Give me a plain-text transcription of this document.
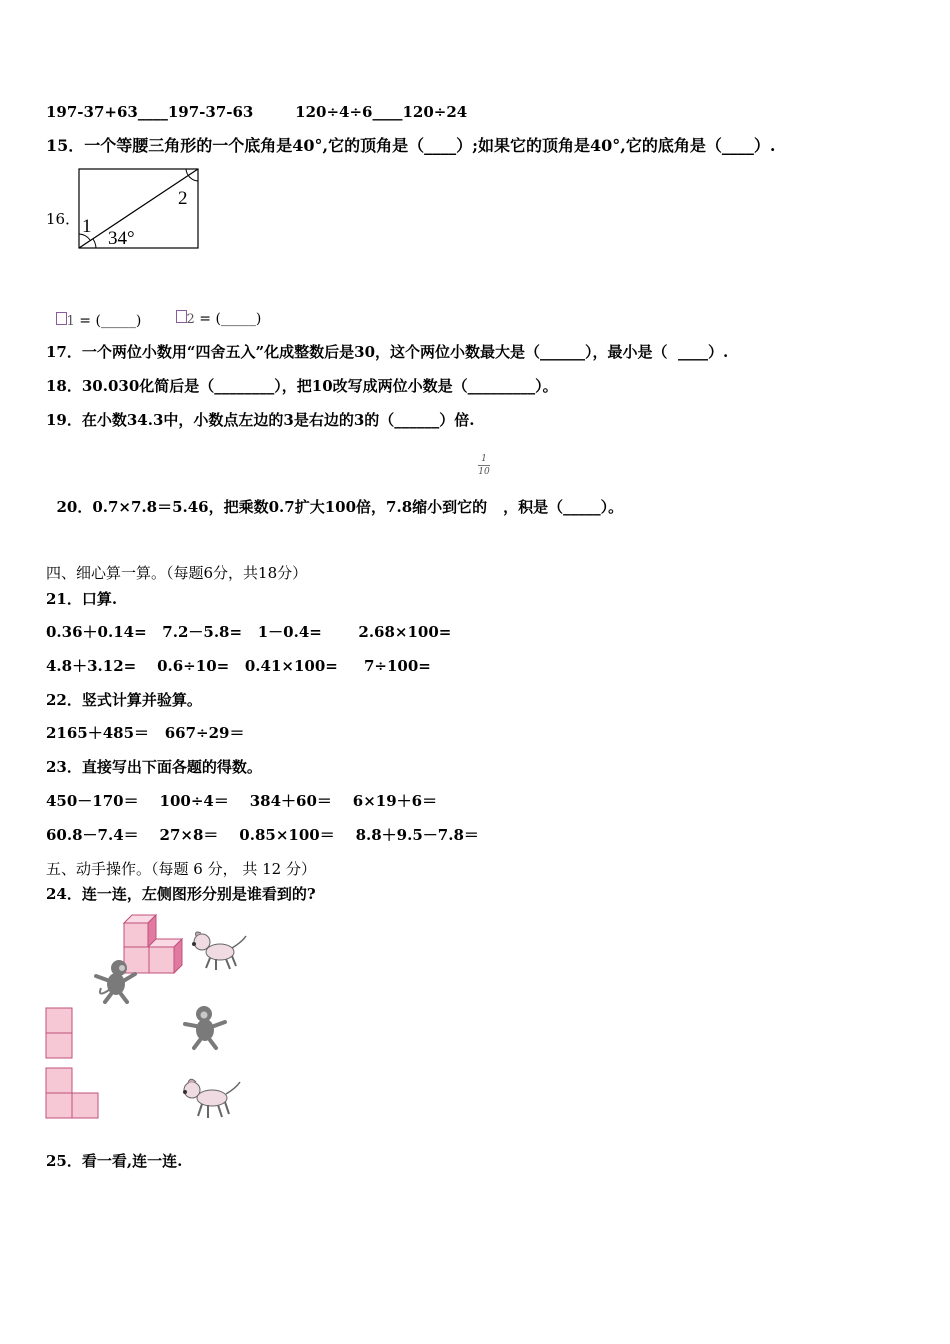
197-37+63____197-37-63        120÷4÷6____120÷24
15．一个等腰三角形的一个底角是40°,它的顶角是（____）;如果它的顶角是40°,它的底角是（____）.
16． 1
2
34°

1 = (_____)	2 = (_____)

17．一个两位小数用“四舍五入”化成整数后是30，这个两位小数最大是（______），最小是（  ____）.
18．30.030化简后是（________），把10改写成两位小数是（_________）。
19．在小数34.3中，小数点左边的3是右边的3的（______）倍.

20．0.7×7.8＝5.46，把乘数0.7扩大100倍，7.8缩小到它的 ，积是（_____）。

1
10
四、细心算一算。（每题6分，共18分）
21．口算.
0.36＋0.14=   7.2－5.8=   1－0.4=       2.68×100=
4.8＋3.12=    0.6÷10=   0.41×100=     7÷100=
22．竖式计算并验算。
2165＋485＝   667÷29＝
23．直接写出下面各题的得数。
450－170＝    100÷4＝    384＋60＝    6×19＋6＝
60.8－7.4＝    27×8＝    0.85×100＝    8.8＋9.5－7.8＝
五、动手操作。（每题 6 分， 共 12 分）
24．连一连，左侧图形分别是谁看到的?
25．看一看,连一连.
